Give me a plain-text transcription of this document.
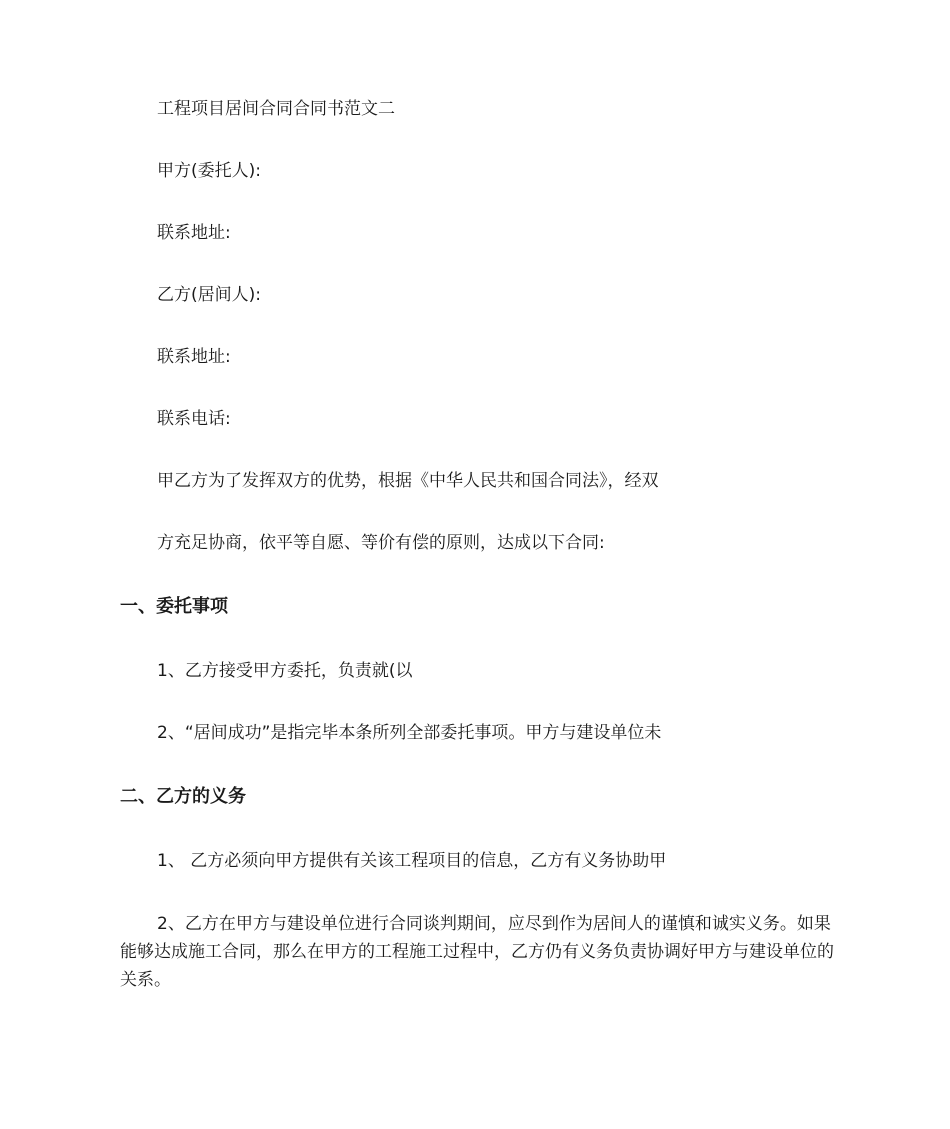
工程项目居间合同合同书范文二
甲方(委托人):
联系地址:
乙方(居间人):
联系地址:
联系电话:
甲乙方为了发挥双方的优势，根据《中华人民共和国合同法》，经双
方充足协商，依平等自愿、等价有偿的原则，达成以下合同:
一、委托事项
1、乙方接受甲方委托，负责就(以
2、“居间成功”是指完毕本条所列全部委托事项。甲方与建设单位未
二、乙方的义务
1、 乙方必须向甲方提供有关该工程项目的信息，乙方有义务协助甲
2、乙方在甲方与建设单位进行合同谈判期间，应尽到作为居间人的谨慎和诚实义务。如果能够达成施工合同，那么在甲方的工程施工过程中，乙方仍有义务负责协调好甲方与建设单位的关系。
